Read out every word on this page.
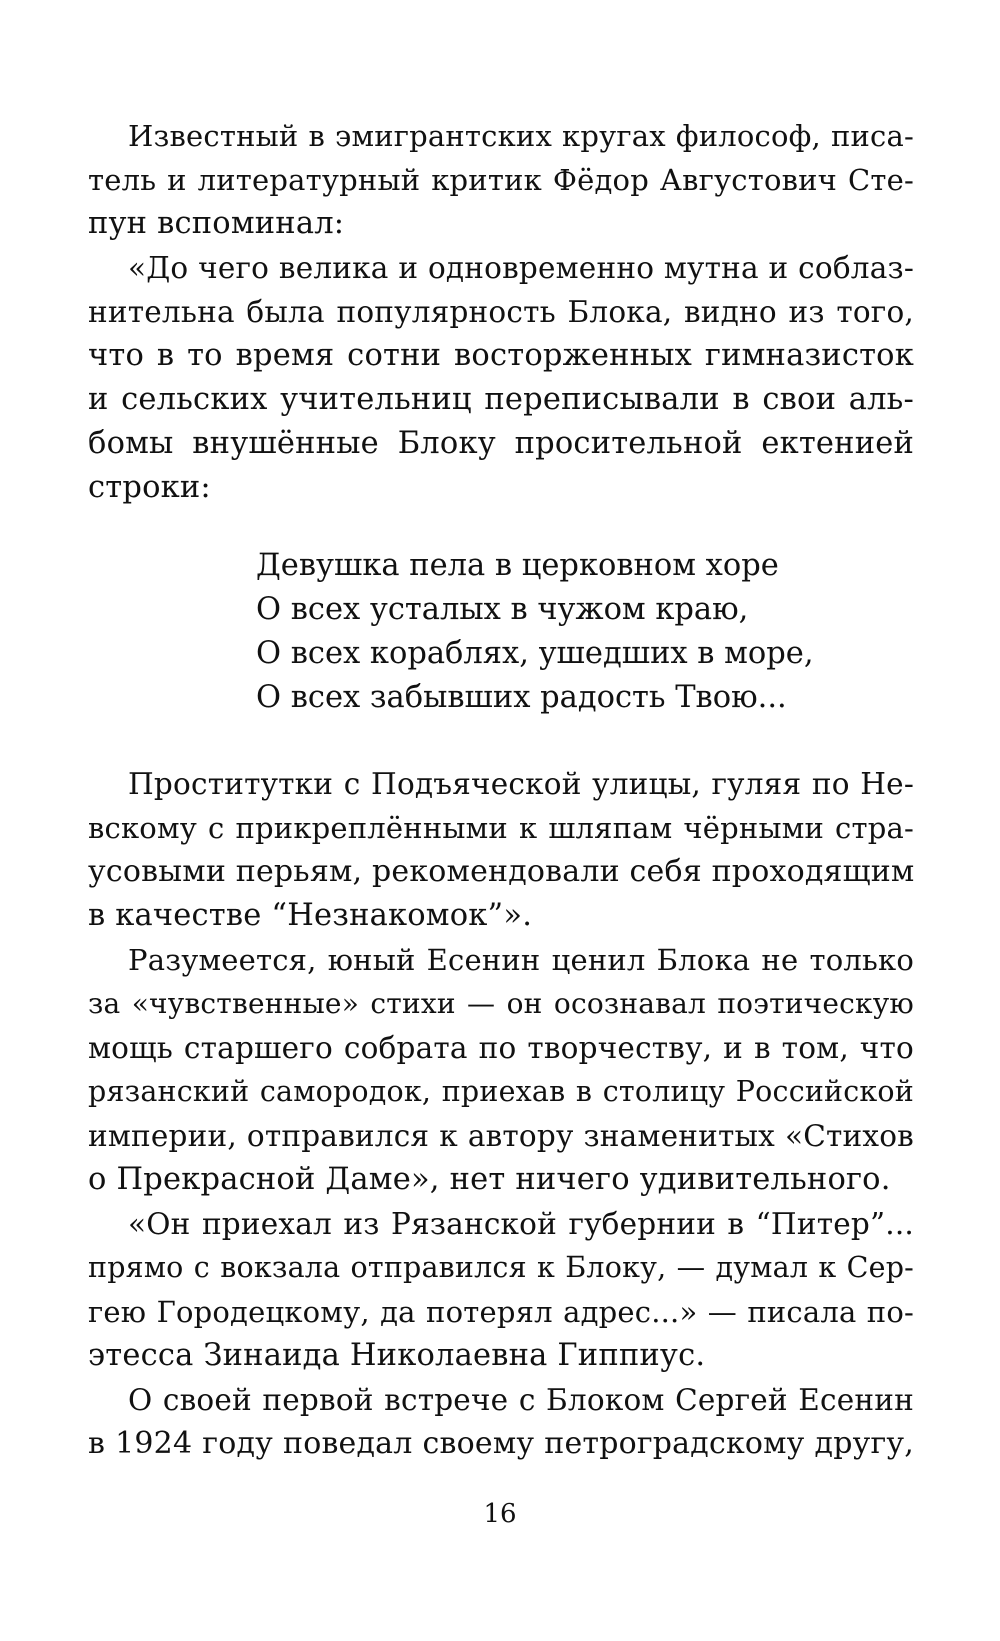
Известный в эмигрантских кругах философ, писа-
тель и литературный критик Фёдор Августович Сте-
пун вспоминал:
«До чего велика и одновременно мутна и соблаз-
нительна была популярность Блока, видно из того,
что в то время сотни восторженных гимназисток
и сельских учительниц переписывали в свои аль-
бомы внушённые Блоку просительной ектенией
строки:
Девушка пела в церковном хоре
О всех усталых в чужом краю,
О всех кораблях, ушедших в море,
О всех забывших радость Твою...
Проститутки с Подъяческой улицы, гуляя по Не-
вскому с прикреплёнными к шляпам чёрными стра-
усовыми перьям, рекомендовали себя проходящим
в качестве “Незнакомок”».
Разумеется, юный Есенин ценил Блока не только
за «чувственные» стихи — он осознавал поэтическую
мощь старшего собрата по творчеству, и в том, что
рязанский самородок, приехав в столицу Российской
империи, отправился к автору знаменитых «Стихов
о Прекрасной Даме», нет ничего удивительного.
«Он приехал из Рязанской губернии в “Питер”...
прямо с вокзала отправился к Блоку, — думал к Сер-
гею Городецкому, да потерял адрес...» — писала по-
этесса Зинаида Николаевна Гиппиус.
О своей первой встрече с Блоком Сергей Есенин
в 1924 году поведал своему петроградскому другу,
16
